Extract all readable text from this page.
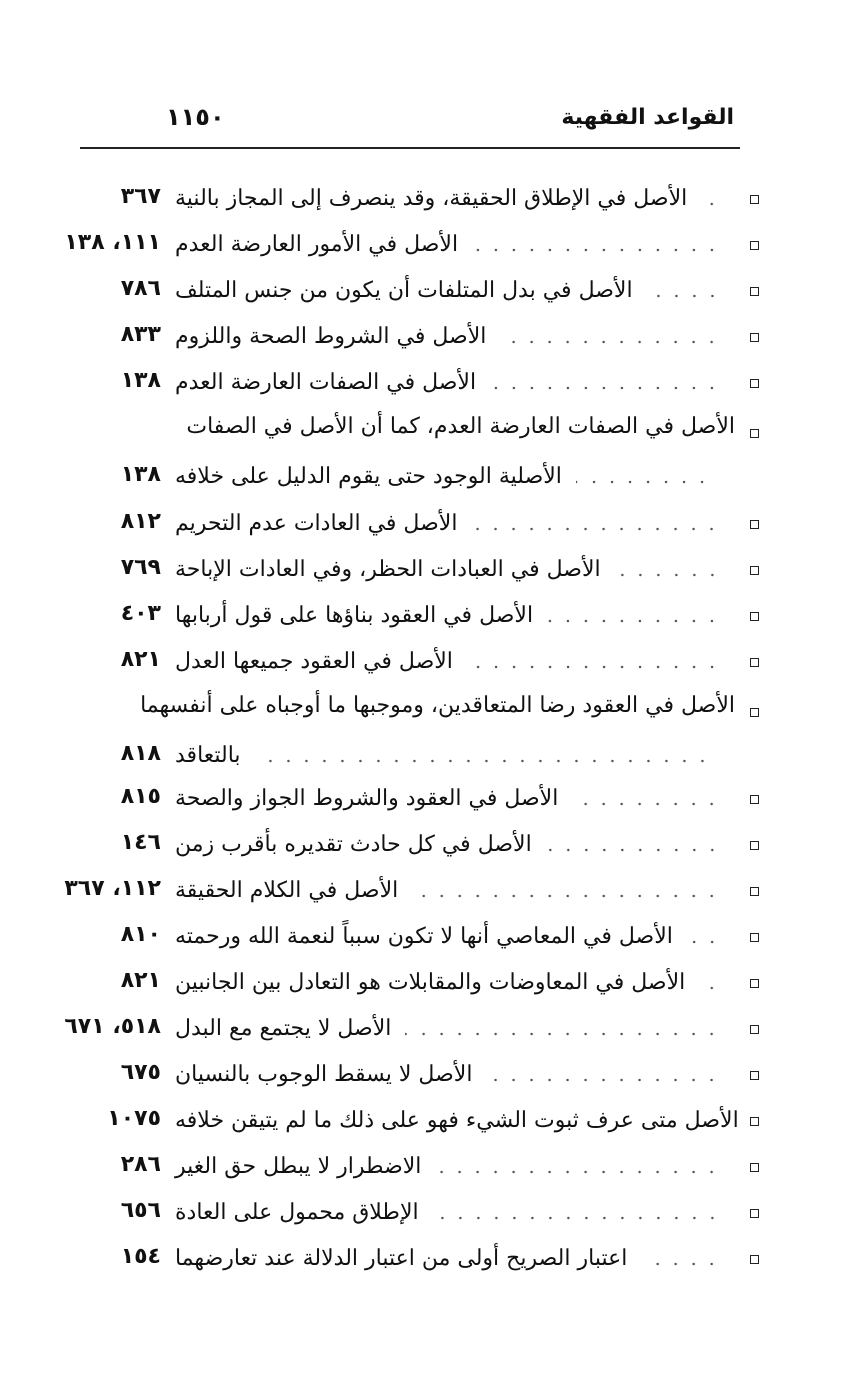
القواعد الفقهية
١١٥٠
الأصل في الإطلاق الحقيقة، وقد ينصرف إلى المجاز بالنية
٣٦٧
الأصل في الأمور العارضة العدم
١١١، ١٣٨
الأصل في بدل المتلفات أن يكون من جنس المتلف
٧٨٦
الأصل في الشروط الصحة واللزوم
٨٣٣
الأصل في الصفات العارضة العدم
١٣٨
الأصل في الصفات العارضة العدم، كما أن الأصل في الصفات
الأصلية الوجود حتى يقوم الدليل على خلافه
١٣٨
الأصل في العادات عدم التحريم
٨١٢
الأصل في العبادات الحظر، وفي العادات الإباحة
٧٦٩
الأصل في العقود بناؤها على قول أربابها
٤٠٣
الأصل في العقود جميعها العدل
٨٢١
الأصل في العقود رضا المتعاقدين، وموجبها ما أوجباه على أنفسهما
بالتعاقد
٨١٨
الأصل في العقود والشروط الجواز والصحة
٨١٥
الأصل في كل حادث تقديره بأقرب زمن
١٤٦
الأصل في الكلام الحقيقة
١١٢، ٣٦٧
الأصل في المعاصي أنها لا تكون سبباً لنعمة الله ورحمته
٨١٠
الأصل في المعاوضات والمقابلات هو التعادل بين الجانبين
٨٢١
الأصل لا يجتمع مع البدل
٥١٨، ٦٧١
الأصل لا يسقط الوجوب بالنسيان
٦٧٥
الأصل متى عرف ثبوت الشيء فهو على ذلك ما لم يتيقن خلافه
١٠٧٥
الاضطرار لا يبطل حق الغير
٢٨٦
الإطلاق محمول على العادة
٦٥٦
اعتبار الصريح أولى من اعتبار الدلالة عند تعارضهما
١٥٤
